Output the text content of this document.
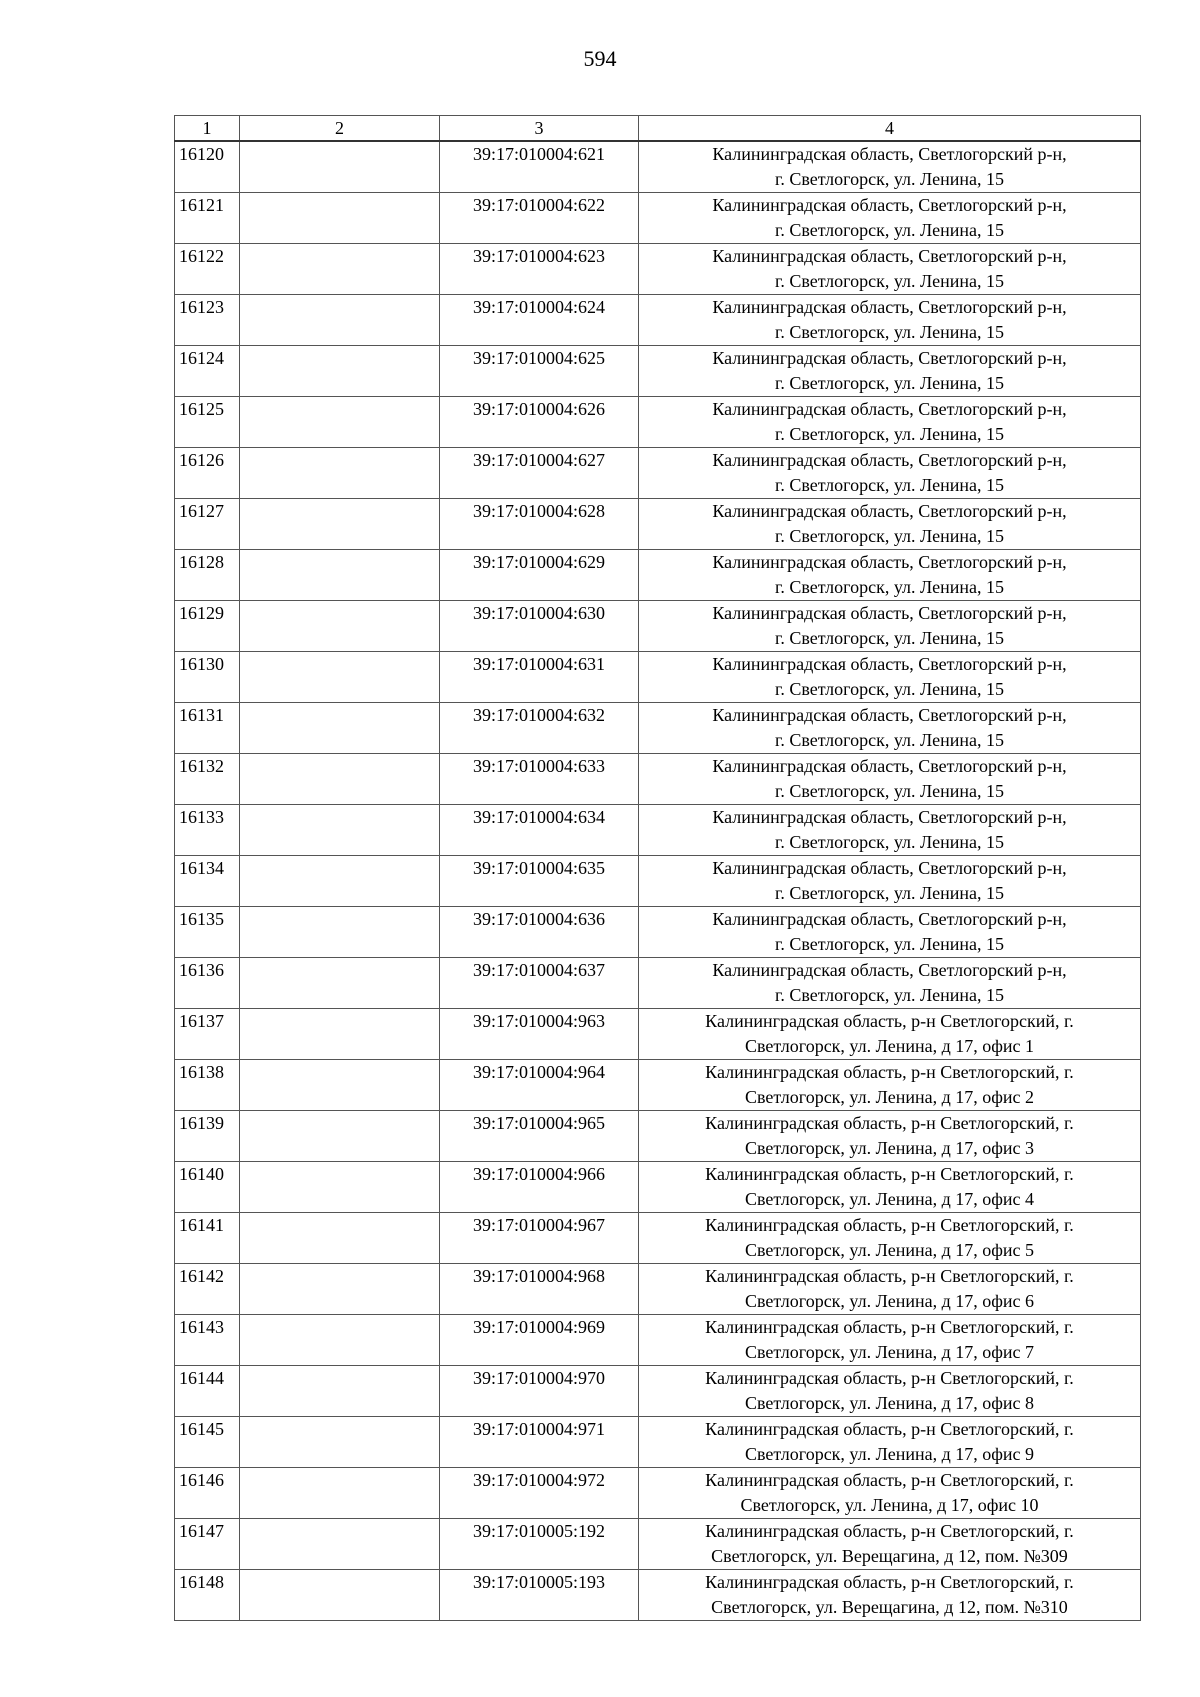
594
1	2	3	4
16120		39:17:010004:621	Калининградская область, Светлогорский р-н,
г. Светлогорск, ул. Ленина, 15

16121		39:17:010004:622	Калининградская область, Светлогорский р-н,
г. Светлогорск, ул. Ленина, 15

16122		39:17:010004:623	Калининградская область, Светлогорский р-н,
г. Светлогорск, ул. Ленина, 15

16123		39:17:010004:624	Калининградская область, Светлогорский р-н,
г. Светлогорск, ул. Ленина, 15

16124		39:17:010004:625	Калининградская область, Светлогорский р-н,
г. Светлогорск, ул. Ленина, 15

16125		39:17:010004:626	Калининградская область, Светлогорский р-н,
г. Светлогорск, ул. Ленина, 15

16126		39:17:010004:627	Калининградская область, Светлогорский р-н,
г. Светлогорск, ул. Ленина, 15

16127		39:17:010004:628	Калининградская область, Светлогорский р-н,
г. Светлогорск, ул. Ленина, 15

16128		39:17:010004:629	Калининградская область, Светлогорский р-н,
г. Светлогорск, ул. Ленина, 15

16129		39:17:010004:630	Калининградская область, Светлогорский р-н,
г. Светлогорск, ул. Ленина, 15

16130		39:17:010004:631	Калининградская область, Светлогорский р-н,
г. Светлогорск, ул. Ленина, 15

16131		39:17:010004:632	Калининградская область, Светлогорский р-н,
г. Светлогорск, ул. Ленина, 15

16132		39:17:010004:633	Калининградская область, Светлогорский р-н,
г. Светлогорск, ул. Ленина, 15

16133		39:17:010004:634	Калининградская область, Светлогорский р-н,
г. Светлогорск, ул. Ленина, 15

16134		39:17:010004:635	Калининградская область, Светлогорский р-н,
г. Светлогорск, ул. Ленина, 15

16135		39:17:010004:636	Калининградская область, Светлогорский р-н,
г. Светлогорск, ул. Ленина, 15

16136		39:17:010004:637	Калининградская область, Светлогорский р-н,
г. Светлогорск, ул. Ленина, 15

16137		39:17:010004:963	Калининградская область, р-н Светлогорский, г.
Светлогорск, ул. Ленина, д 17, офис 1

16138		39:17:010004:964	Калининградская область, р-н Светлогорский, г.
Светлогорск, ул. Ленина, д 17, офис 2

16139		39:17:010004:965	Калининградская область, р-н Светлогорский, г.
Светлогорск, ул. Ленина, д 17, офис 3

16140		39:17:010004:966	Калининградская область, р-н Светлогорский, г.
Светлогорск, ул. Ленина, д 17, офис 4

16141		39:17:010004:967	Калининградская область, р-н Светлогорский, г.
Светлогорск, ул. Ленина, д 17, офис 5

16142		39:17:010004:968	Калининградская область, р-н Светлогорский, г.
Светлогорск, ул. Ленина, д 17, офис 6

16143		39:17:010004:969	Калининградская область, р-н Светлогорский, г.
Светлогорск, ул. Ленина, д 17, офис 7

16144		39:17:010004:970	Калининградская область, р-н Светлогорский, г.
Светлогорск, ул. Ленина, д 17, офис 8

16145		39:17:010004:971	Калининградская область, р-н Светлогорский, г.
Светлогорск, ул. Ленина, д 17, офис 9

16146		39:17:010004:972	Калининградская область, р-н Светлогорский, г.
Светлогорск, ул. Ленина, д 17, офис 10

16147		39:17:010005:192	Калининградская область, р-н Светлогорский, г.
Светлогорск, ул. Верещагина, д 12, пом. №309

16148		39:17:010005:193	Калининградская область, р-н Светлогорский, г.
Светлогорск, ул. Верещагина, д 12, пом. №310
